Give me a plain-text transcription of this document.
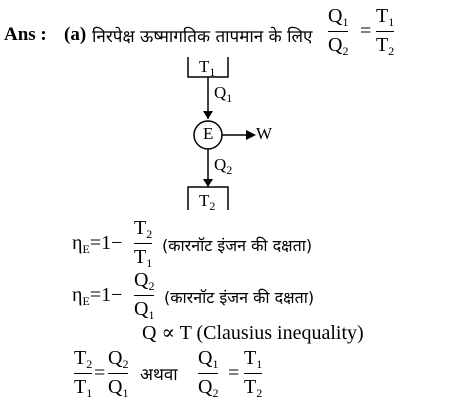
Ans : (a) निरपेक्ष ऊष्मागतिक तापमान के लिए
$Q_1$
$Q_2$
=
$T_1$
$T_2$
$T_1$
$Q_1$
E	W
$Q_2$
$T_2$
$\eta_E=1-$
$T_2$
$T_1$
(कारनॉट इंजन की दक्षता)
$\eta_E=1-$
$Q_2$
$Q_1$
(कारनॉट इंजन की दक्षता)
Q ∝ T (Clausius inequality)
$T_2$
$T_1$
=
$Q_2$
$Q_1$
अथवा
$Q_1$
$Q_2$
=
$T_1$
$T_2$
